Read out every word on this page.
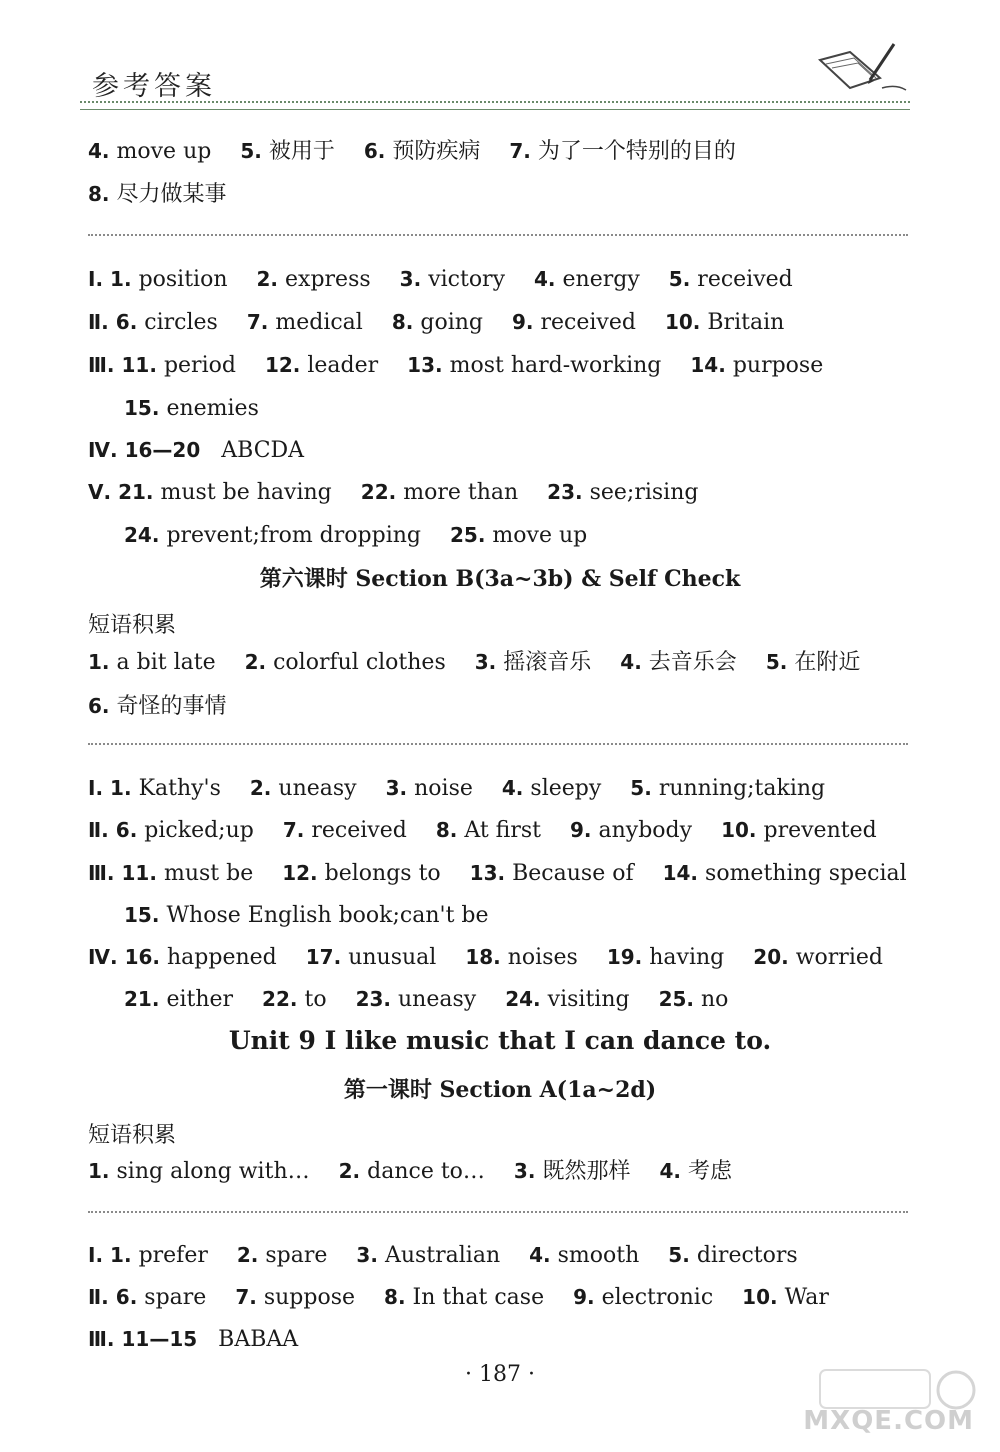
参考答案
4. move up 5. 被用于 6. 预防疾病 7. 为了一个特别的目的
8. 尽力做某事
Ⅰ. 1. position 2. express 3. victory 4. energy 5. received
Ⅱ. 6. circles 7. medical 8. going 9. received 10. Britain
Ⅲ. 11. period 12. leader 13. most hard-working 14. purpose
15. enemies
Ⅳ. 16—20 ABCDA
Ⅴ. 21. must be having 22. more than 23. see;rising
24. prevent;from dropping 25. move up
第六课时 Section B(3a~3b) & Self Check
短语积累
1. a bit late 2. colorful clothes 3. 摇滚音乐 4. 去音乐会 5. 在附近
6. 奇怪的事情
Ⅰ. 1. Kathy's 2. uneasy 3. noise 4. sleepy 5. running;taking
Ⅱ. 6. picked;up 7. received 8. At first 9. anybody 10. prevented
Ⅲ. 11. must be 12. belongs to 13. Because of 14. something special
15. Whose English book;can't be
Ⅳ. 16. happened 17. unusual 18. noises 19. having 20. worried
21. either 22. to 23. uneasy 24. visiting 25. no
Unit 9 I like music that I can dance to.
第一课时 Section A(1a~2d)
短语积累
1. sing along with… 2. dance to… 3. 既然那样 4. 考虑
Ⅰ. 1. prefer 2. spare 3. Australian 4. smooth 5. directors
Ⅱ. 6. spare 7. suppose 8. In that case 9. electronic 10. War
Ⅲ. 11—15 BABAA
· 187 ·
MXQE.COM
